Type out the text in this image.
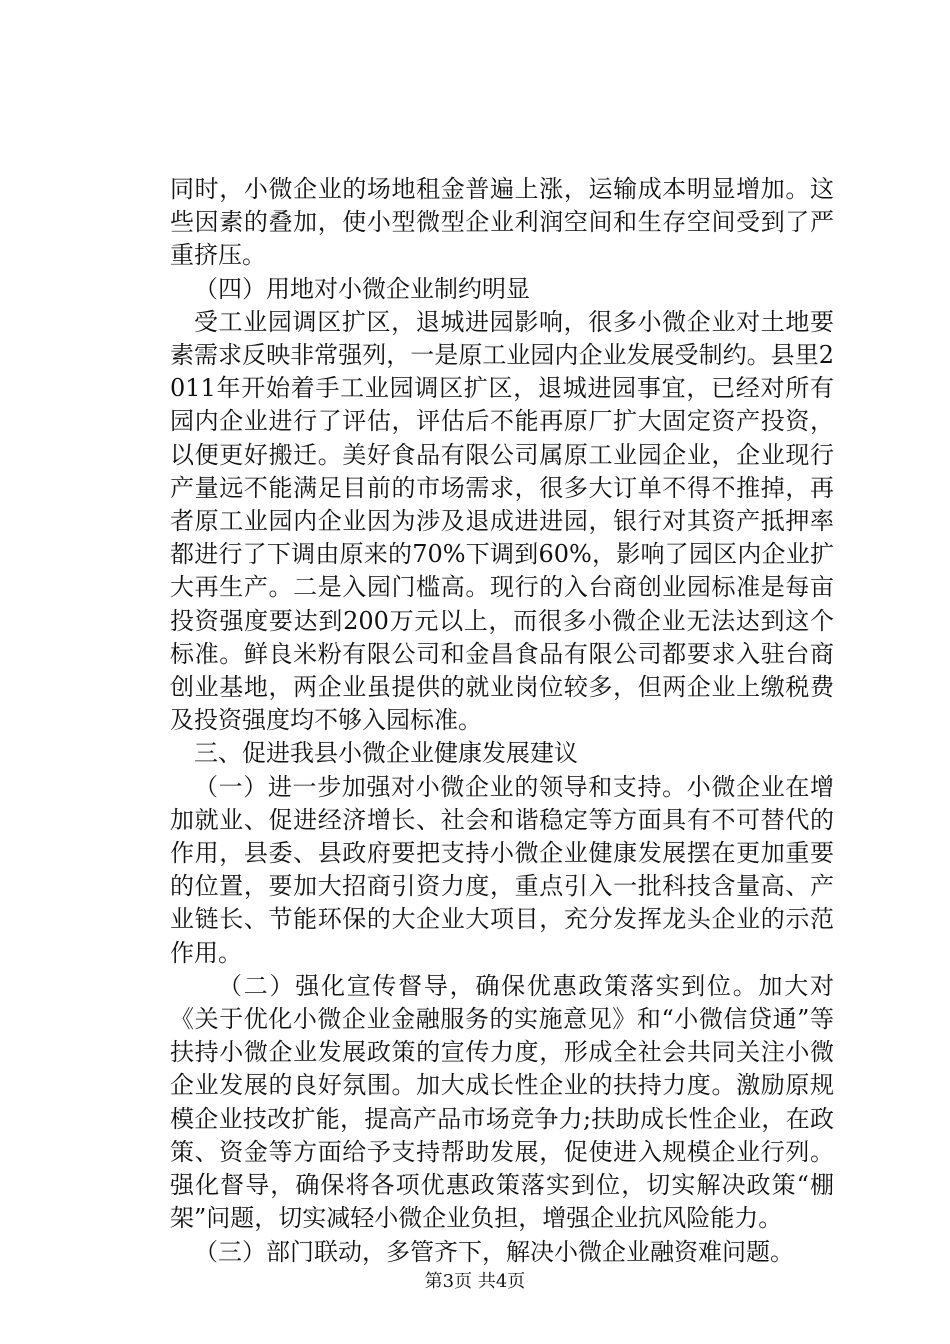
同时，小微企业的场地租金普遍上涨，运输成本明显增加。这些因素的叠加，使小型微型企业利润空间和生存空间受到了严重挤压。

（四）用地对小微企业制约明显

受工业园调区扩区，退城进园影响，很多小微企业对土地要素需求反映非常强列，一是原工业园内企业发展受制约。县里2011年开始着手工业园调区扩区，退城进园事宜，已经对所有园内企业进行了评估，评估后不能再原厂扩大固定资产投资，以便更好搬迁。美好食品有限公司属原工业园企业，企业现行产量远不能满足目前的市场需求，很多大订单不得不推掉，再者原工业园内企业因为涉及退成进进园，银行对其资产抵押率都进行了下调由原来的70%下调到60%，影响了园区内企业扩大再生产。二是入园门槛高。现行的入台商创业园标准是每亩投资强度要达到200万元以上，而很多小微企业无法达到这个标准。鲜良米粉有限公司和金昌食品有限公司都要求入驻台商创业基地，两企业虽提供的就业岗位较多，但两企业上缴税费及投资强度均不够入园标准。

三、促进我县小微企业健康发展建议

（一）进一步加强对小微企业的领导和支持。小微企业在增加就业、促进经济增长、社会和谐稳定等方面具有不可替代的作用，县委、县政府要把支持小微企业健康发展摆在更加重要的位置，要加大招商引资力度，重点引入一批科技含量高、产业链长、节能环保的大企业大项目，充分发挥龙头企业的示范作用。

（二）强化宣传督导，确保优惠政策落实到位。加大对《关于优化小微企业金融服务的实施意见》和“小微信贷通”等扶持小微企业发展政策的宣传力度，形成全社会共同关注小微企业发展的良好氛围。加大成长性企业的扶持力度。激励原规模企业技改扩能，提高产品市场竞争力;扶助成长性企业，在政策、资金等方面给予支持帮助发展，促使进入规模企业行列。强化督导，确保将各项优惠政策落实到位，切实解决政策“棚架”问题，切实减轻小微企业负担，增强企业抗风险能力。

（三）部门联动，多管齐下，解决小微企业融资难问题。

第3页 共4页
